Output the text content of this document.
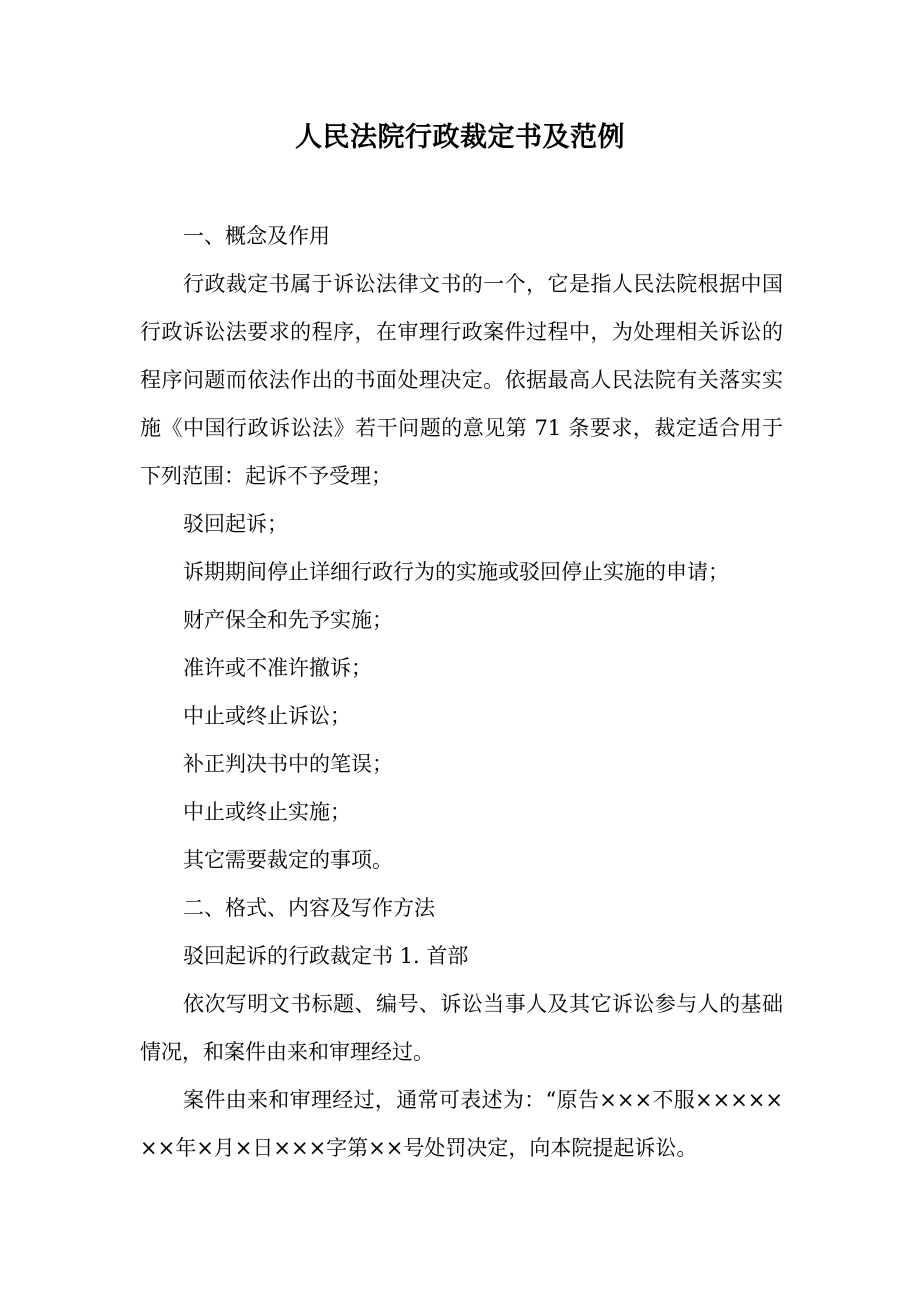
人民法院行政裁定书及范例

一、概念及作用

行政裁定书属于诉讼法律文书的一个，它是指人民法院根据中国行政诉讼法要求的程序，在审理行政案件过程中，为处理相关诉讼的程序问题而依法作出的书面处理决定。依据最高人民法院有关落实实施《中国行政诉讼法》若干问题的意见第 71 条要求，裁定适合用于下列范围：起诉不予受理；

驳回起诉；

诉期期间停止详细行政行为的实施或驳回停止实施的申请；

财产保全和先予实施；

准许或不准许撤诉；

中止或终止诉讼；

补正判决书中的笔误；

中止或终止实施；

其它需要裁定的事项。

二、格式、内容及写作方法

驳回起诉的行政裁定书 1. 首部

依次写明文书标题、编号、诉讼当事人及其它诉讼参与人的基础情况，和案件由来和审理经过。

案件由来和审理经过，通常可表述为：“原告×××不服×××××××年×月×日×××字第××号处罚决定，向本院提起诉讼。
